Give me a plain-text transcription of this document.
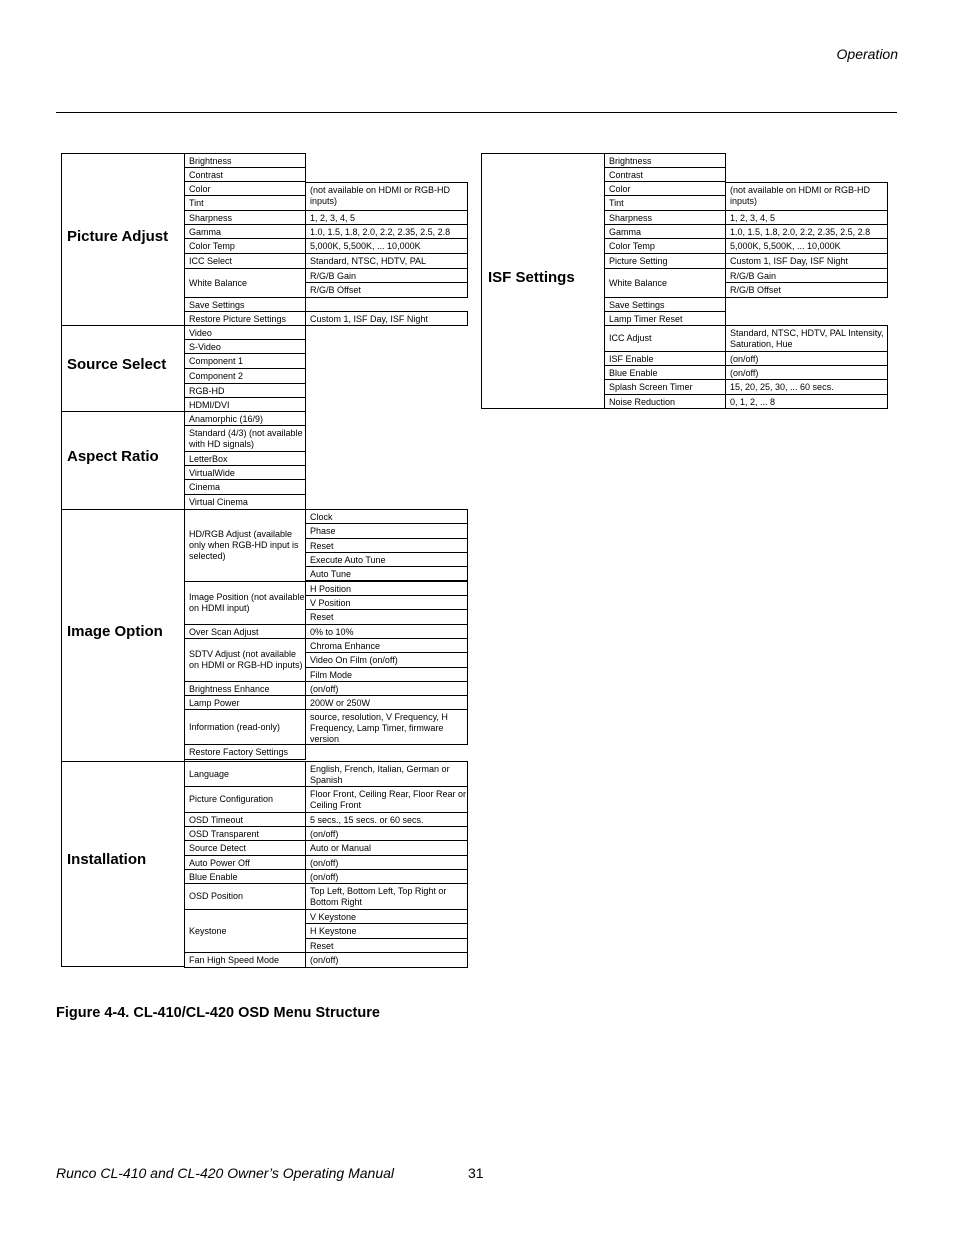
Operation
Picture Adjust
Brightness
Contrast
Color
Tint
Sharpness
Gamma
Color Temp
ICC Select
White Balance
Save Settings
Restore Picture Settings
(not available on HDMI or RGB-HD inputs)
1, 2, 3, 4, 5
1.0, 1.5, 1.8, 2.0, 2.2, 2.35, 2.5, 2.8
5,000K, 5,500K, ... 10,000K
Standard, NTSC, HDTV, PAL
R/G/B Gain
R/G/B Offset
Custom 1, ISF Day, ISF Night
Source Select
Video
S-Video
Component 1
Component 2
RGB-HD
HDMI/DVI
Aspect Ratio
Anamorphic (16/9)
Standard (4/3) (not available with HD signals)
LetterBox
VirtualWide
Cinema
Virtual Cinema
Image Option
HD/RGB Adjust (available only when RGB-HD input is selected)
Image Position (not available on HDMI input)
Over Scan Adjust
SDTV Adjust (not available on HDMI or RGB-HD inputs)
Brightness Enhance
Lamp Power
Information (read-only)
Restore Factory Settings
Clock
Phase
Reset
Execute Auto Tune
Auto Tune
H Position
V Position
Reset
0% to 10%
Chroma Enhance
Video On Film (on/off)
Film Mode
(on/off)
200W or 250W
source, resolution, V Frequency, H Frequency, Lamp Timer, firmware version
Installation
Language
Picture Configuration
OSD Timeout
OSD Transparent
Source Detect
Auto Power Off
Blue Enable
OSD Position
Keystone
Fan High Speed Mode
English, French, Italian, German or Spanish
Floor Front, Ceiling Rear, Floor Rear or Ceiling Front
5 secs., 15 secs. or 60 secs.
(on/off)
Auto or Manual
(on/off)
(on/off)
Top Left, Bottom Left, Top Right or Bottom Right
V Keystone
H Keystone
Reset
(on/off)
ISF Settings
Brightness
Contrast
Color
Tint
Sharpness
Gamma
Color Temp
Picture Setting
White Balance
Save Settings
Lamp Timer Reset
ICC Adjust
ISF Enable
Blue Enable
Splash Screen Timer
Noise Reduction
(not available on HDMI or RGB-HD inputs)
1, 2, 3, 4, 5
1.0, 1.5, 1.8, 2.0, 2.2, 2.35, 2.5, 2.8
5,000K, 5,500K, ... 10,000K
Custom 1, ISF Day, ISF Night
R/G/B Gain
R/G/B Offset
Standard, NTSC, HDTV, PAL Intensity, Saturation, Hue
(on/off)
(on/off)
15, 20, 25, 30, ... 60 secs.
0, 1, 2, ... 8
Figure 4-4. CL-410/CL-420 OSD Menu Structure
Runco CL-410 and CL-420 Owner’s Operating Manual	31
